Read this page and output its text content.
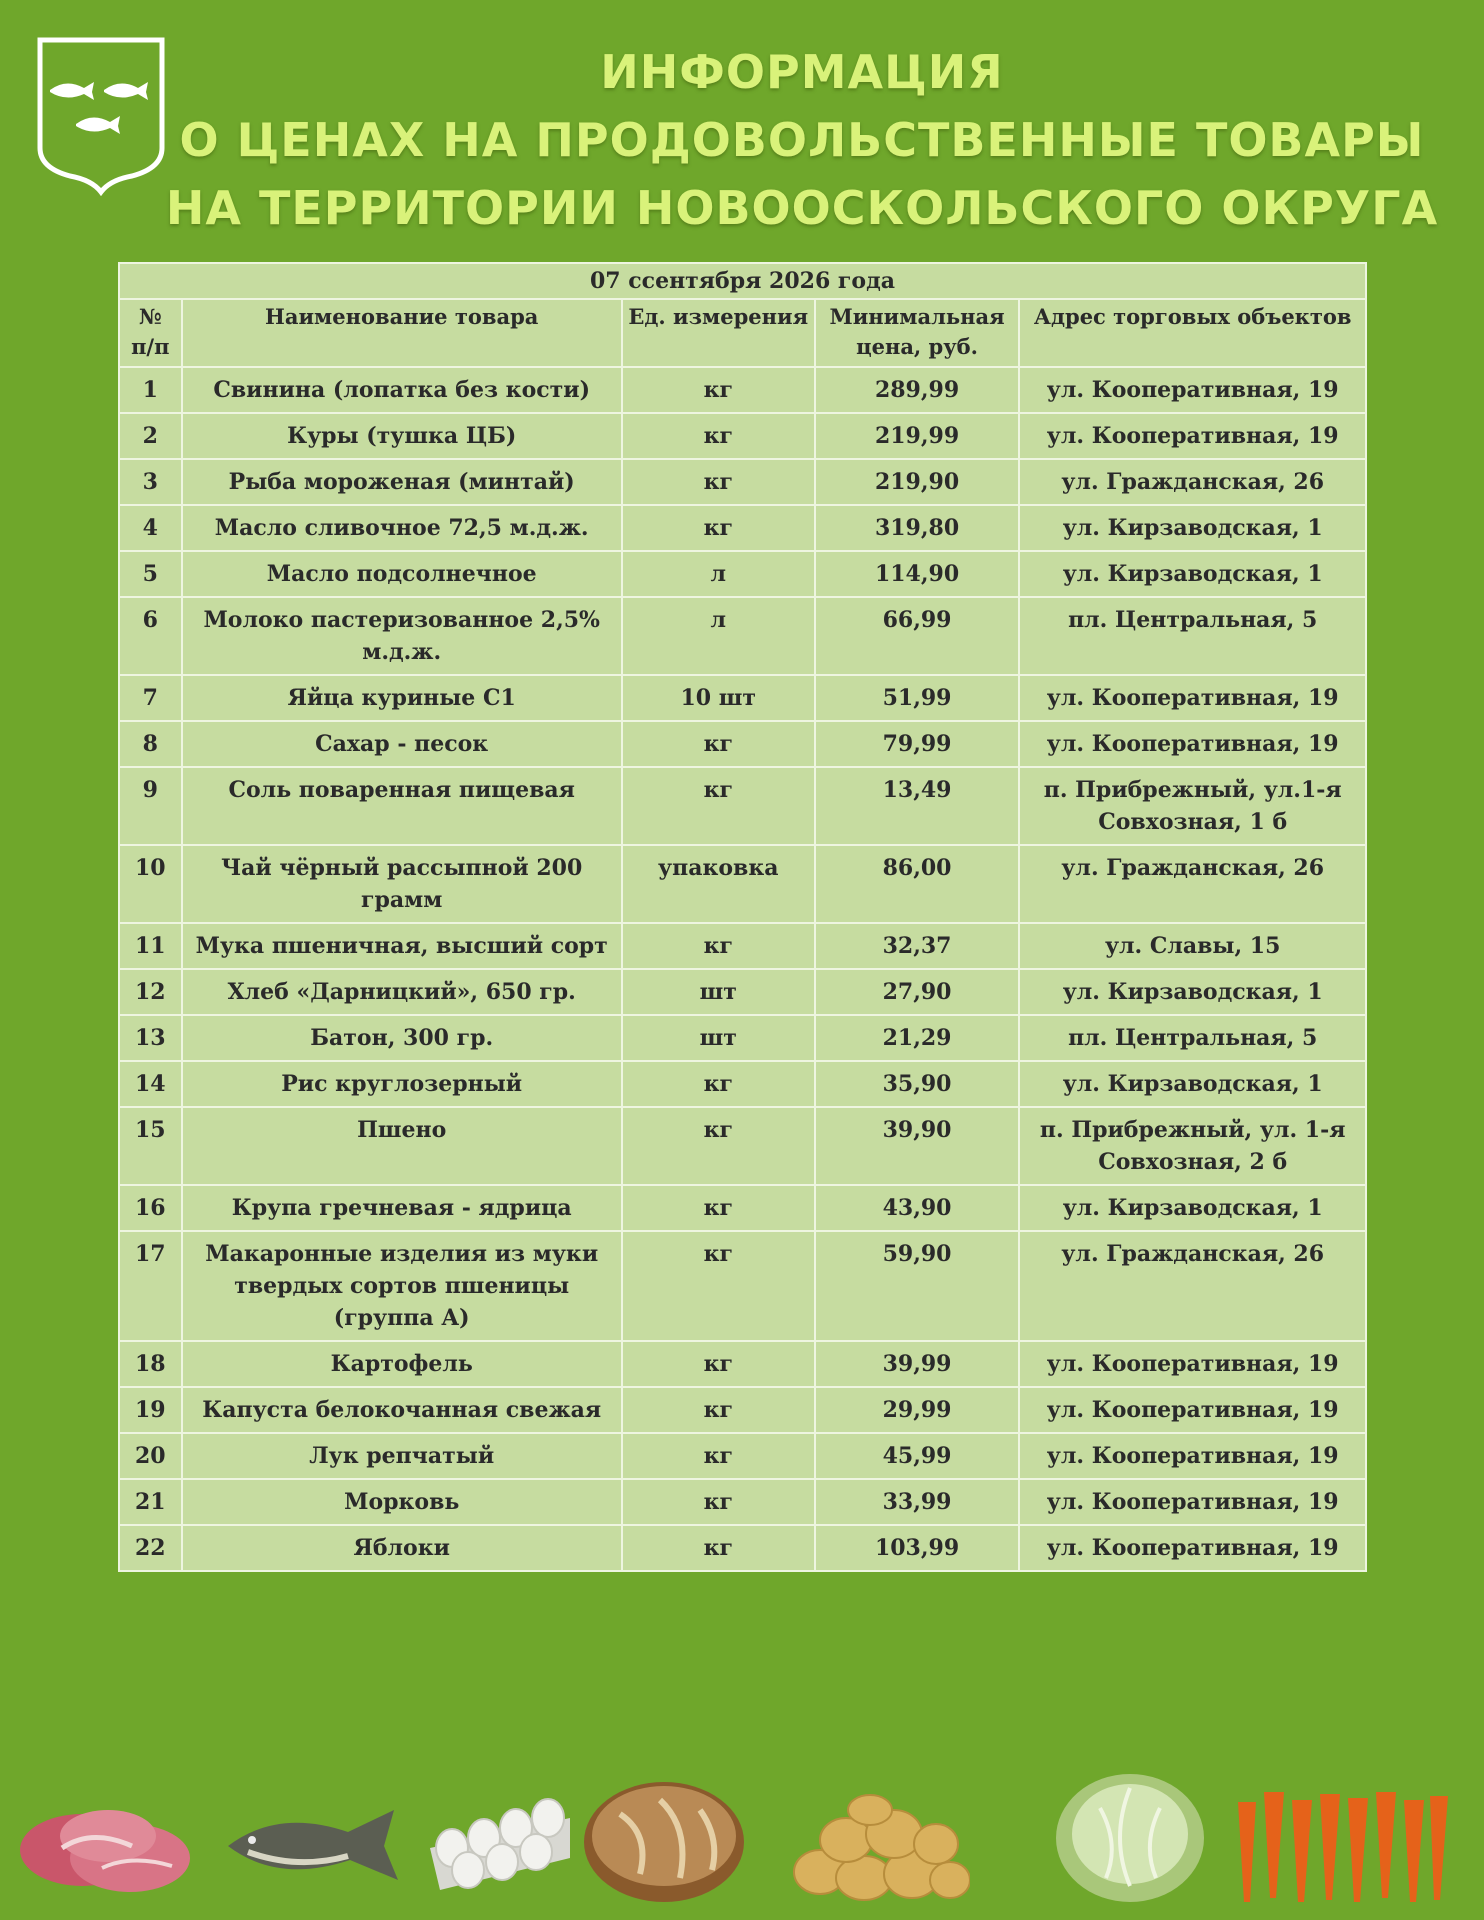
ИНФОРМАЦИЯ
О ЦЕНАХ НА ПРОДОВОЛЬСТВЕННЫЕ ТОВАРЫ
НА ТЕРРИТОРИИ НОВООСКОЛЬСКОГО ОКРУГА
07 ссентября 2026 года				
№ п/п	Наименование товара	Ед. измерения	Минимальная цена, руб.	Адрес торговых объектов
1	Свинина (лопатка без кости)	кг	289,99	ул. Кооперативная, 19
2	Куры (тушка ЦБ)	кг	219,99	ул. Кооперативная, 19
3	Рыба мороженая (минтай)	кг	219,90	ул. Гражданская, 26
4	Масло сливочное 72,5 м.д.ж.	кг	319,80	ул. Кирзаводская, 1
5	Масло подсолнечное	л	114,90	ул. Кирзаводская, 1
6	Молоко пастеризованное 2,5% м.д.ж.	л	66,99	пл. Центральная, 5
7	Яйца куриные С1	10 шт	51,99	ул. Кооперативная, 19
8	Сахар - песок	кг	79,99	ул. Кооперативная, 19
9	Соль поваренная пищевая	кг	13,49	п. Прибрежный, ул.1-я Совхозная, 1 б
10	Чай чёрный рассыпной 200 грамм	упаковка	86,00	ул. Гражданская, 26
11	Мука пшеничная, высший сорт	кг	32,37	ул. Славы, 15
12	Хлеб «Дарницкий», 650 гр.	шт	27,90	ул. Кирзаводская, 1
13	Батон, 300 гр.	шт	21,29	пл. Центральная, 5
14	Рис круглозерный	кг	35,90	ул. Кирзаводская, 1
15	Пшено	кг	39,90	п. Прибрежный, ул. 1-я Совхозная, 2 б
16	Крупа гречневая - ядрица	кг	43,90	ул. Кирзаводская, 1
17	Макаронные изделия из муки твердых сортов пшеницы (группа А)	кг	59,90	ул. Гражданская, 26
18	Картофель	кг	39,99	ул. Кооперативная, 19
19	Капуста белокочанная свежая	кг	29,99	ул. Кооперативная, 19
20	Лук репчатый	кг	45,99	ул. Кооперативная, 19
21	Морковь	кг	33,99	ул. Кооперативная, 19
22	Яблоки	кг	103,99	ул. Кооперативная, 19
